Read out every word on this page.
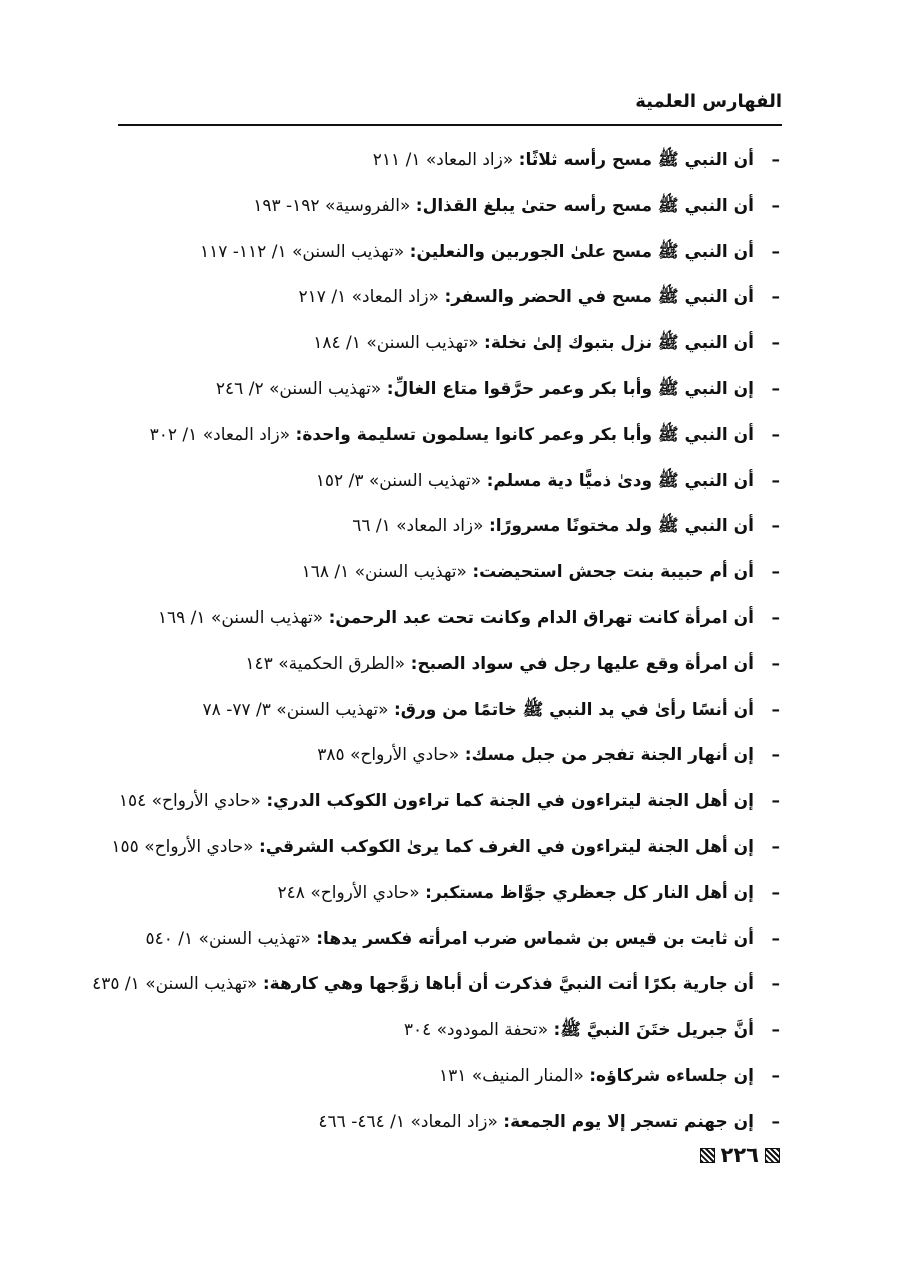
الفهارس العلمية
–أن النبي ﷺ مسح رأسه ثلاثًا: «زاد المعاد» ١/ ٢١١
–أن النبي ﷺ مسح رأسه حتىٰ يبلغ القذال: «الفروسية» ١٩٢- ١٩٣
–أن النبي ﷺ مسح علىٰ الجوربين والنعلين: «تهذيب السنن» ١/ ١١٢- ١١٧
–أن النبي ﷺ مسح في الحضر والسفر: «زاد المعاد» ١/ ٢١٧
–أن النبي ﷺ نزل بتبوك إلىٰ نخلة: «تهذيب السنن» ١/ ١٨٤
–إن النبي ﷺ وأبا بكر وعمر حرَّقوا متاع الغالِّ: «تهذيب السنن» ٢/ ٢٤٦
–أن النبي ﷺ وأبا بكر وعمر كانوا يسلمون تسليمة واحدة: «زاد المعاد» ١/ ٣٠٢
–أن النبي ﷺ ودىٰ ذميًّا دية مسلم: «تهذيب السنن» ٣/ ١٥٢
–أن النبي ﷺ ولد مختونًا مسرورًا: «زاد المعاد» ١/ ٦٦
–أن أم حبيبة بنت جحش استحيضت: «تهذيب السنن» ١/ ١٦٨
–أن امرأة كانت تهراق الدام وكانت تحت عبد الرحمن: «تهذيب السنن» ١/ ١٦٩
–أن امرأة وقع عليها رجل في سواد الصبح: «الطرق الحكمية» ١٤٣
–أن أنسًا رأىٰ في يد النبي ﷺ خاتمًا من ورق: «تهذيب السنن» ٣/ ٧٧- ٧٨
–إن أنهار الجنة تفجر من جبل مسك: «حادي الأرواح» ٣٨٥
–إن أهل الجنة ليتراءون في الجنة كما تراءون الكوكب الدري: «حادي الأرواح» ١٥٤
–إن أهل الجنة ليتراءون في الغرف كما يرىٰ الكوكب الشرقي: «حادي الأرواح» ١٥٥
–إن أهل النار كل جعظري جوَّاظ مستكبر: «حادي الأرواح» ٢٤٨
–أن ثابت بن قيس بن شماس ضرب امرأته فكسر يدها: «تهذيب السنن» ١/ ٥٤٠
–أن جارية بكرًا أتت النبيَّ فذكرت أن أباها زوَّجها وهي كارهة: «تهذيب السنن» ١/ ٤٣٥
–أنَّ جبريل ختَنَ النبيَّ ﷺ: «تحفة المودود» ٣٠٤
–إن جلساءه شركاؤه: «المنار المنيف» ١٣١
–إن جهنم تسجر إلا يوم الجمعة: «زاد المعاد» ١/ ٤٦٤- ٤٦٦
٢٢٦
